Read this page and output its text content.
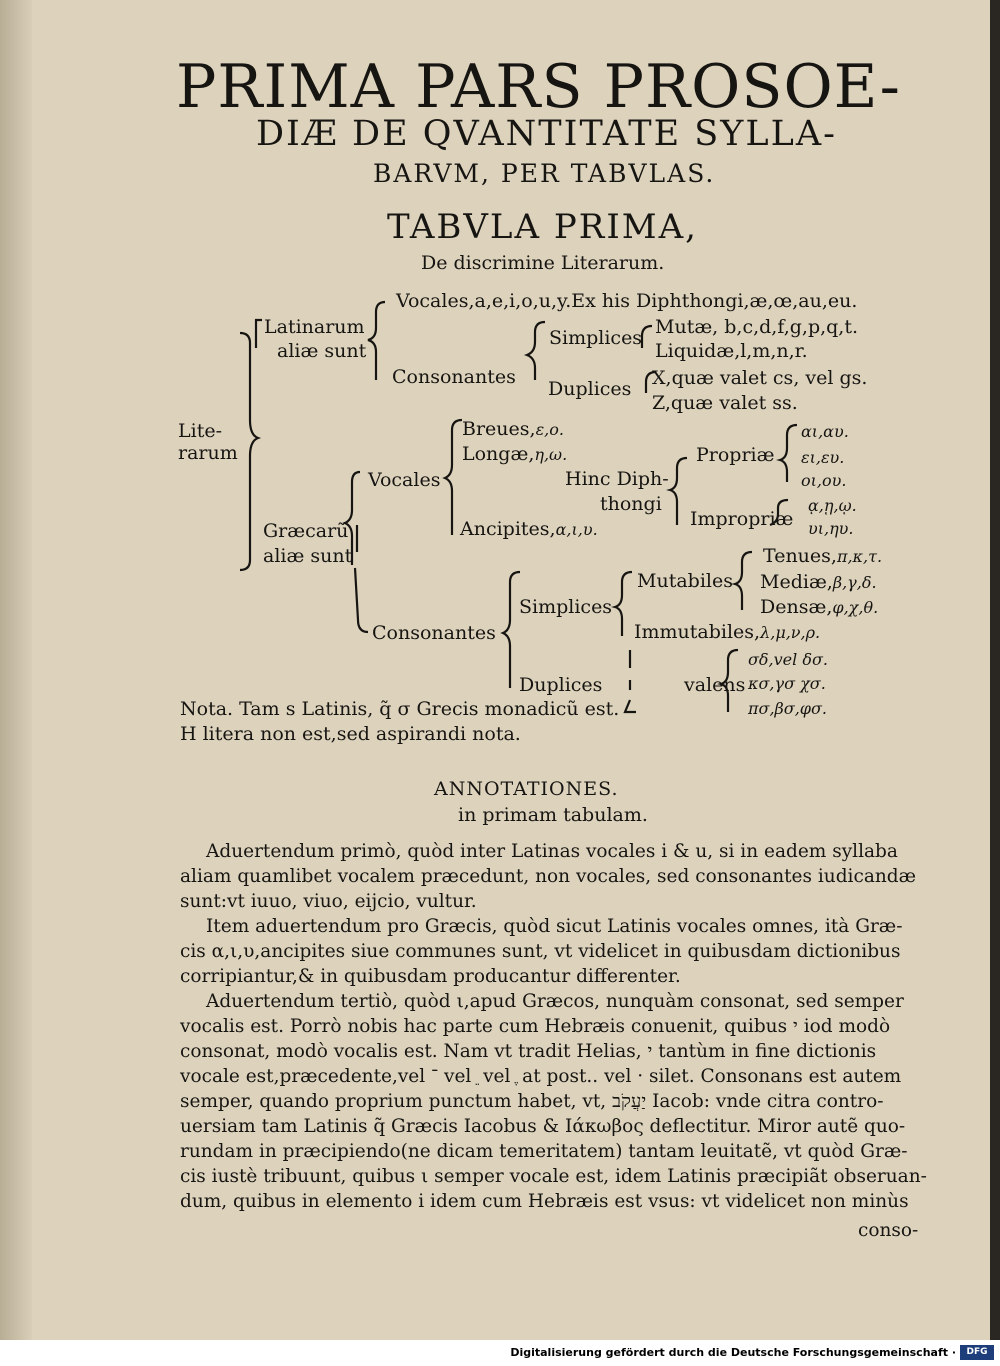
PRIMA PARS PROSOE-
DIÆ DE QVANTITATE SYLLA-
BARVM, PER TABVLAS.
TABVLA PRIMA,
De discrimine Literarum.
Lite-
rarum
Latinarum
aliæ sunt
Vocales,a,e,i,o,u,y.Ex his Diphthongi,æ,œ,au,eu.
Consonantes
Simplices Mutæ, b,c,d,f,g,p,q,t.
Liquidæ,l,m,n,r.
Duplices X,quæ valet cs, vel gs.
Z,quæ valet ss.
Græcarũ
aliæ sunt
Vocales
Breues,ε,ο.
Longæ,η,ω.
Ancipites,α,ι,υ.
Hinc Diph-
thongi
Propriæ
αι,αυ.
ει,ευ.
οι,ου.
Impropriæ
ᾳ,ῃ,ῳ.
υι,ηυ.
Consonantes
Simplices
Mutabiles
Tenues,π,κ,τ.
Mediæ,β,γ,δ.
Densæ,φ,χ,θ.
Immutabiles,λ,μ,ν,ρ.
Duplices	valens
σδ,vel δσ.
κσ,γσ χσ.
πσ,βσ,φσ.
Nota. Tam s Latinis, q̃ σ Grecis monadicũ est.
H litera non est,sed aspirandi nota.
ANNOTATIONES.
in primam tabulam.
Aduertendum primò, quòd inter Latinas vocales i & u, si in eadem syllaba
aliam quamlibet vocalem præcedunt, non vocales, sed consonantes iudicandæ
sunt:vt iuuo, viuo, eijcio, vultur.
Item aduertendum pro Græcis, quòd sicut Latinis vocales omnes, ità Græ-
cis α,ι,υ,ancipites siue communes sunt, vt videlicet in quibusdam dictionibus
corripiantur,& in quibusdam producantur differenter.
Aduertendum tertiò, quòd ι,apud Græcos, nunquàm consonat, sed semper
vocalis est. Porrò nobis hac parte cum Hebræis conuenit, quibus י iod modò
consonat, modò vocalis est. Nam vt tradit Helias, י tantùm in fine dictionis
vocale est,præcedente,vel ־ vel ֵ vel ֶ at post.. vel · silet. Consonans est autem
semper, quando proprium punctum habet, vt, יַעֲקֹב Iacob: vnde citra contro-
uersiam tam Latinis q̃ Græcis Iacobus & Ιάκωβος deflectitur. Miror autẽ quo-
rundam in præcipiendo(ne dicam temeritatem) tantam leuitatẽ, vt quòd Græ-
cis iustè tribuunt, quibus ι semper vocale est, idem Latinis præcipiãt obseruan-
dum, quibus in elemento i idem cum Hebræis est vsus: vt videlicet non minùs
conso-
Digitalisierung gefördert durch die Deutsche Forschungsgemeinschaft ·	DFG
